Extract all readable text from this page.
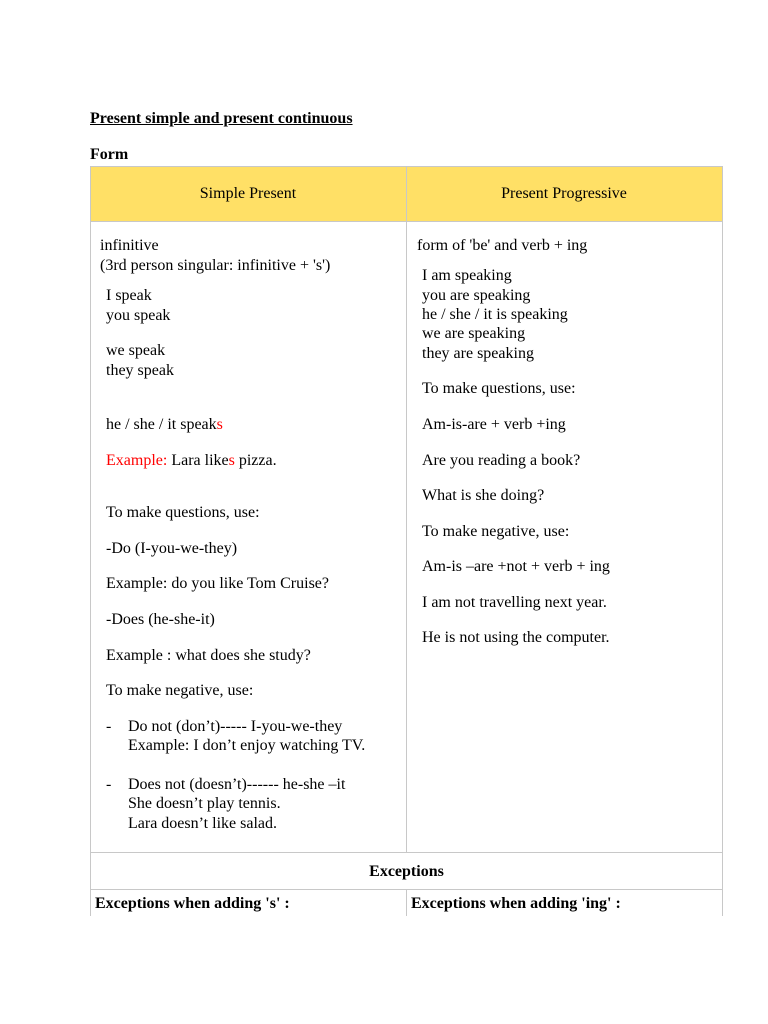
Present simple and present continuous
Form
Simple Present	Present Progressive
infinitive
(3rd person singular: infinitive + 's')
I speak
you speak
we speak
they speak
he / she / it speaks
Example: Lara likes pizza.
To make questions, use:
-Do (I-you-we-they)
Example: do you like Tom Cruise?
-Does (he-she-it)
Example : what does she study?
To make negative, use:
- Do not (don’t)----- I-you-we-they
Example: I don’t enjoy watching TV.
- Does not (doesn’t)------ he-she –it
She doesn’t play tennis.
Lara doesn’t like salad.
form of 'be' and verb + ing
I am speaking
you are speaking
he / she / it is speaking
we are speaking
they are speaking
To make questions, use:
Am-is-are + verb +ing
Are you reading a book?
What is she doing?
To make negative, use:
Am-is –are +not + verb + ing
I am not travelling next year.
He is not using the computer.
Exceptions
Exceptions when adding 's' :	Exceptions when adding 'ing' :
